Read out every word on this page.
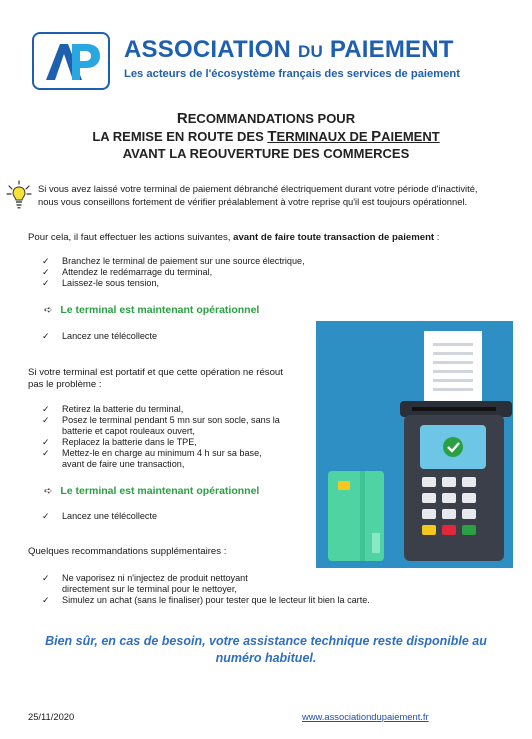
ASSOCIATION DU PAIEMENT
Les acteurs de l'écosystème français des services de paiement
RECOMMANDATIONS POUR
LA REMISE EN ROUTE DES TERMINAUX DE PAIEMENT
AVANT LA REOUVERTURE DES COMMERCES
Si vous avez laissé votre terminal de paiement débranché électriquement durant votre période d'inactivité,
nous vous conseillons fortement de vérifier préalablement à votre reprise qu'il est toujours opérationnel.
Pour cela, il faut effectuer les actions suivantes, avant de faire toute transaction de paiement :
✓ Branchez le terminal de paiement sur une source électrique,
✓ Attendez le redémarrage du terminal,
✓ Laissez-le sous tension,
➪ Le terminal est maintenant opérationnel
✓ Lancez une télécollecte
Si votre terminal est portatif et que cette opération ne résout
pas le problème :
✓ Retirez la batterie du terminal,
✓ Posez le terminal pendant 5 mn sur son socle, sans la
batterie et capot rouleaux ouvert,
✓ Replacez la batterie dans le TPE,
✓ Mettez-le en charge au minimum 4 h sur sa base,
avant de faire une transaction,
➪ Le terminal est maintenant opérationnel
✓ Lancez une télécollecte
Quelques recommandations supplémentaires :
✓ Ne vaporisez ni n'injectez de produit nettoyant
directement sur le terminal pour le nettoyer,
✓ Simulez un achat (sans le finaliser) pour tester que le lecteur lit bien la carte.
Bien sûr, en cas de besoin, votre assistance technique reste disponible au
numéro habituel.
25/11/2020	www.associationdupaiement.fr
